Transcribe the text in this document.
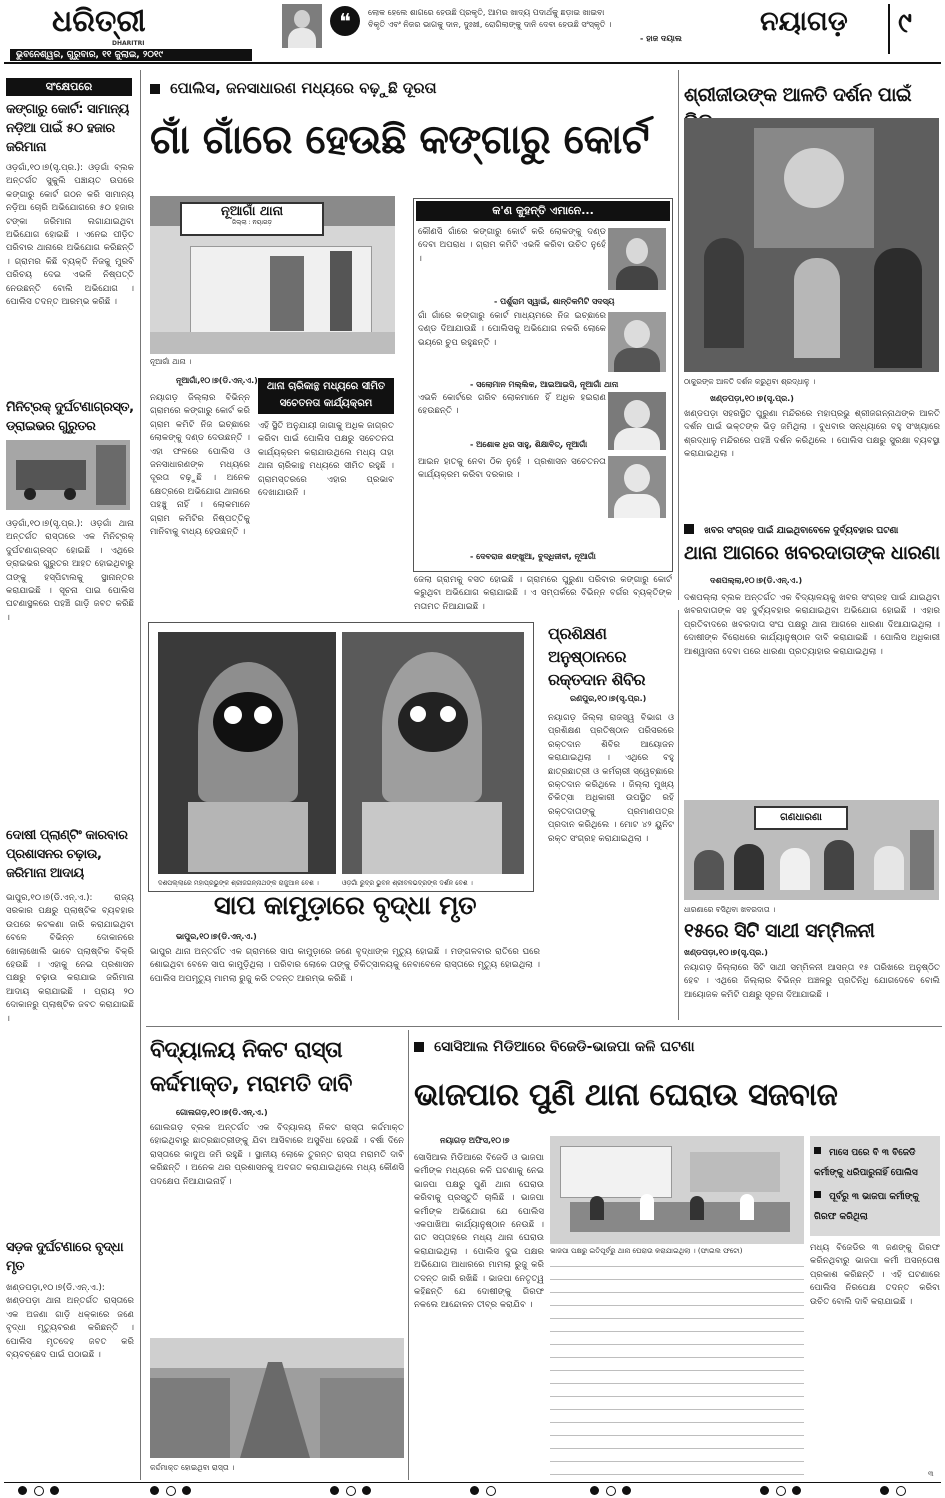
ଧରିତ୍ରୀ
DHARITRI
ଭୁବନେଶ୍ୱର, ଗୁରୁବାର, ୧୧ ଜୁଲାଇ, ୨୦୧୯
❝	ଲୋକ ହେଲେ ଶାଗରେ ହେଉଛି ପ୍ରକୃତି, ଆମର ଖାଦ୍ୟ ପଦାର୍ଥକୁ ଛଡ଼ାଇ ଖାଇବା
ବିକୃତି ଏବଂ ନିଜର ଭାଗକୁ ଦାନ, ଦୁଃଖୀ, ରୋଗିଲାଙ୍କୁ ଦାନି ଦେବା ହେଉଛି ସଂସ୍କୃତି ।
- ହାଜ ଦୟାଲ
ନୟାଗଡ଼ ୯
ସଂକ୍ଷେପରେ
କଙ୍ଗାରୁ କୋର୍ଟ: ସାମାନ୍ୟ ନଡ଼ିଆ ପାଇଁ ୫୦ ହଜାର ଜରିମାନା
ଓଡ଼ଗାଁ,୧୦।୭(ସୃ.ପ୍ର.): ଓଡ଼ଗାଁ ବ୍ଲକ ଅନ୍ତର୍ଗତ ସୁକୁଲି ପଞ୍ଚାୟତ ଉପରେ କଙ୍ଗାରୁ କୋର୍ଟ ଗଠନ କରି ସାମାନ୍ୟ ନଡ଼ିଆ ଚୋରି ଅଭିଯୋଗରେ ୫୦ ହଜାର ଟଙ୍କା ଜରିମାନା ଲଗାଯାଇଥିବା ଅଭିଯୋଗ ହୋଇଛି । ଏନେଇ ପୀଡ଼ିତ ପରିବାର ଥାନାରେ ଅଭିଯୋଗ କରିଛନ୍ତି । ଗ୍ରାମର କିଛି ବ୍ୟକ୍ତି ନିଜକୁ ମୁରବି ପରିଚୟ ଦେଇ ଏଭଳି ନିଷ୍ପତ୍ତି ନେଉଛନ୍ତି ବୋଲି ଅଭିଯୋଗ । ପୋଲିସ ତଦନ୍ତ ଆରମ୍ଭ କରିଛି ।
ମିନିଟ୍ରକ୍ ଦୁର୍ଘଟଣାଗ୍ରସ୍ତ, ଡ୍ରାଇଭର ଗୁରୁତର
ଓଡ଼ଗାଁ,୧୦।୭(ସୃ.ପ୍ର.): ଓଡ଼ଗାଁ ଥାନା ଅନ୍ତର୍ଗତ ରାସ୍ତାରେ ଏକ ମିନିଟ୍ରକ୍ ଦୁର୍ଘଟଣାଗ୍ରସ୍ତ ହୋଇଛି । ଏଥିରେ ଡ୍ରାଇଭର ଗୁରୁତର ଆହତ ହୋଇଥିବାରୁ ତାଙ୍କୁ ହସ୍ପିଟାଲକୁ ସ୍ଥାନାନ୍ତର କରାଯାଇଛି । ସୂଚନା ପାଇ ପୋଲିସ ଘଟଣାସ୍ଥଳରେ ପହଞ୍ଚି ଗାଡ଼ି ଜବତ କରିଛି ।
ଦୋଷୀ ପ୍ଲାଣ୍ଟିଂ କାରବାର ପ୍ରଶାସନର ଚଢ଼ାଉ, ଜରିମାନା ଆଦାୟ
ଭାପୁର,୧୦।୭(ଡି.ଏନ୍.ଏ.): ରାଜ୍ୟ ସରକାର ପକ୍ଷରୁ ପ୍ଲାଷ୍ଟିକ ବ୍ୟବହାର ଉପରେ କଟକଣା ଜାରି କରାଯାଇଥିବା ବେଳେ ବିଭିନ୍ନ ଦୋକାନରେ ଖୋଲାଖୋଲି ଭାବେ ପ୍ଲାଷ୍ଟିକ ବିକ୍ରି ହେଉଛି । ଏହାକୁ ନେଇ ପ୍ରଶାସନ ପକ୍ଷରୁ ଚଢ଼ାଉ କରାଯାଇ ଜରିମାନା ଆଦାୟ କରାଯାଇଛି । ପ୍ରାୟ ୨୦ ଦୋକାନରୁ ପ୍ଲାଷ୍ଟିକ ଜବତ କରାଯାଇଛି ।
ସଡ଼କ ଦୁର୍ଘଟଣାରେ ବୃଦ୍ଧା ମୃତ
ଖଣ୍ଡପଡ଼ା,୧୦।୭(ଡି.ଏନ୍.ଏ.): ଖଣ୍ଡପଡ଼ା ଥାନା ଅନ୍ତର୍ଗତ ରାସ୍ତାରେ ଏକ ଅଜଣା ଗାଡ଼ି ଧକ୍କାରେ ଜଣେ ବୃଦ୍ଧା ମୃତ୍ୟୁବରଣ କରିଛନ୍ତି । ପୋଲିସ ମୃତଦେହ ଜବତ କରି ବ୍ୟବଚ୍ଛେଦ ପାଇଁ ପଠାଇଛି ।
ପୋଲିସ, ଜନସାଧାରଣ ମଧ୍ୟରେ ବଢ଼ୁଛି ଦୂରତା
ଗାଁ ଗାଁରେ ହେଉଛି କଙ୍ଗାରୁ କୋର୍ଟ
ନୂଆଗାଁ ଥାନା
ଜିଲ୍ଲା : ନୟାଗଡ଼
ନୂଆଗାଁ ଥାନା ।
ନୂଆଗାଁ,୧୦।୭(ଡି.ଏନ୍.ଏ.)
କ'ଣ କୁହନ୍ତି ଏମାନେ...
କୌଣସି ଗାଁରେ କଙ୍ଗାରୁ କୋର୍ଟ କରି ଲୋକଙ୍କୁ ଦଣ୍ଡ ଦେବା ଅପରାଧ । ଗ୍ରାମ କମିଟି ଏଭଳି କରିବା ଉଚିତ ନୁହେଁ ।
- ପର୍ଶୁରାମ ସ୍ୱାଇଁ, ଶାନ୍ତିକମିଟି ସଦସ୍ୟ
ଗାଁ ଗାଁରେ କଙ୍ଗାରୁ କୋର୍ଟ ମାଧ୍ୟମରେ ନିଜ ଇଚ୍ଛାରେ ଦଣ୍ଡ ଦିଆଯାଉଛି । ପୋଲିସକୁ ଅଭିଯୋଗ ନକରି ଲୋକେ ଭୟରେ ଚୁପ ରହୁଛନ୍ତି ।
- ସଲୋମାନ ମଲ୍ଲିକ, ଆଇଆଇସି, ନୂଆଗାଁ ଥାନା
ଏଭଳି କୋର୍ଟରେ ଗରିବ ଲୋକମାନେ ହିଁ ଅଧିକ ହଇରାଣ ହେଉଛନ୍ତି ।
- ଅଶୋକ ଧିର ସାହୁ, ଶିକ୍ଷାବିତ୍, ନୂଆଗାଁ
ଆଇନ ହାତକୁ ନେବା ଠିକ ନୁହେଁ । ପ୍ରଶାସନ ସଚେତନତା କାର୍ଯ୍ୟକ୍ରମ କରିବା ଦରକାର ।
- ଦେବରାଜ ଶଙ୍ଖୁଆ, ବୁଦ୍ଧିଜୀବୀ, ନୂଆଗାଁ
ନୟାଗଡ଼ ଜିଲ୍ଲାର ବିଭିନ୍ନ ଗ୍ରାମରେ କଙ୍ଗାରୁ କୋର୍ଟ କରି ଗ୍ରାମ କମିଟି ନିଜ ଇଚ୍ଛାରେ ଲୋକଙ୍କୁ ଦଣ୍ଡ ଦେଉଛନ୍ତି । ଏହା ଫଳରେ ପୋଲିସ ଓ ଜନସାଧାରଣଙ୍କ ମଧ୍ୟରେ ଦୂରତା ବଢ଼ୁଛି । ଅନେକ କ୍ଷେତ୍ରରେ ଅଭିଯୋଗ ଥାନାରେ ପହଞ୍ଚୁ ନାହିଁ । ଲୋକମାନେ ଗ୍ରାମ କମିଟିର ନିଷ୍ପତ୍ତିକୁ ମାନିବାକୁ ବାଧ୍ୟ ହେଉଛନ୍ତି ।
ଥାନା ଚାରିକାନ୍ଥ ମଧ୍ୟରେ ସୀମିତ ସଚେତନତା କାର୍ଯ୍ୟକ୍ରମ
ଏହି ସ୍ଥିତି ଅନୁଯାୟୀ ଜାଗାକୁ ଅଧିକ ଜାଗ୍ରତ କରିବା ପାଇଁ ପୋଲିସ ପକ୍ଷରୁ ସଚେତନତା କାର୍ଯ୍ୟକ୍ରମ କରାଯାଉଥିଲେ ମଧ୍ୟ ତାହା ଥାନା ଚାରିକାନ୍ଥ ମଧ୍ୟରେ ସୀମିତ ରହୁଛି । ଗ୍ରାମସ୍ତରରେ ଏହାର ପ୍ରଭାବ ଦେଖାଯାଉନି ।
ଜେଲା ଗ୍ରାମକୁ ବସତ ହୋଇଛି । ଗ୍ରାମରେ ପୁରୁଣା ପରିବାର କଙ୍ଗାରୁ କୋର୍ଟ କରୁଥିବା ଅଭିଯୋଗ କରାଯାଇଛି । ଏ ସମ୍ପର୍କରେ ବିଭିନ୍ନ ବର୍ଗର ବ୍ୟକ୍ତିଙ୍କ ମତାମତ ନିଆଯାଇଛି ।
ଶ୍ରୀଜୀଉଙ୍କ ଆଳତି ଦର୍ଶନ ପାଇଁ
ଠାକୁରଙ୍କ ଆଳତି ଦର୍ଶନ କରୁଥିବା ଶ୍ରଦ୍ଧାଳୁ ।
ଖଣ୍ଡପଡ଼ା,୧୦।୭(ସୃ.ପ୍ର.)
ଖଣ୍ଡପଡ଼ା ସହରସ୍ଥିତ ପୁରୁଣା ମନ୍ଦିରରେ ମହାପ୍ରଭୁ ଶ୍ରୀଜଗନ୍ନାଥଙ୍କ ଆଳତି ଦର୍ଶନ ପାଇଁ ଭକ୍ତଙ୍କ ଭିଡ଼ ଜମିଥିଲା । ବୁଧବାର ସନ୍ଧ୍ୟାରେ ବହୁ ସଂଖ୍ୟାରେ ଶ୍ରଦ୍ଧାଳୁ ମନ୍ଦିରରେ ପହଞ୍ଚି ଦର୍ଶନ କରିଥିଲେ । ପୋଲିସ ପକ୍ଷରୁ ସୁରକ୍ଷା ବ୍ୟବସ୍ଥା କରାଯାଇଥିଲା ।
ଖବର ସଂଗ୍ରହ ପାଇଁ ଯାଇଥିବାବେଳେ ଦୁର୍ବ୍ୟବହାର ଘଟଣା
ଥାନା ଆଗରେ ଖବରଦାତାଙ୍କ ଧାରଣା
ଦଶପଲ୍ଲା,୧୦।୭(ଡି.ଏନ୍.ଏ.)
ଦଶପଲ୍ଲା ବ୍ଲକ ଅନ୍ତର୍ଗତ ଏକ ବିଦ୍ୟାଳୟକୁ ଖବର ସଂଗ୍ରହ ପାଇଁ ଯାଇଥିବା ଖବରଦାତାଙ୍କ ସହ ଦୁର୍ବ୍ୟବହାର କରାଯାଇଥିବା ଅଭିଯୋଗ ହୋଇଛି । ଏହାର ପ୍ରତିବାଦରେ ଖବରଦାତା ସଂଘ ପକ୍ଷରୁ ଥାନା ଆଗରେ ଧାରଣା ଦିଆଯାଇଥିଲା । ଦୋଷୀଙ୍କ ବିରୋଧରେ କାର୍ଯ୍ୟାନୁଷ୍ଠାନ ଦାବି କରାଯାଇଛି । ପୋଲିସ ଅଧିକାରୀ ଆଶ୍ୱାସନା ଦେବା ପରେ ଧାରଣା ପ୍ରତ୍ୟାହାର କରାଯାଇଥିଲା ।
ଗଣଧାରଣା
ଧାରଣାରେ ବସିଥିବା ଖବରଦାତା ।
୧୫ରେ ସିଟି ସାଥୀ ସମ୍ମିଳନୀ
ଖଣ୍ଡପଡ଼ା,୧୦।୭(ସୃ.ପ୍ର.)
ନୟାଗଡ଼ ଜିଲ୍ଲାରେ ସିଟି ସାଥୀ ସମ୍ମିଳନୀ ଆସନ୍ତା ୧୫ ତାରିଖରେ ଅନୁଷ୍ଠିତ ହେବ । ଏଥିରେ ଜିଲ୍ଲାର ବିଭିନ୍ନ ଅଞ୍ଚଳରୁ ପ୍ରତିନିଧି ଯୋଗଦେବେ ବୋଲି ଆୟୋଜକ କମିଟି ପକ୍ଷରୁ ସୂଚନା ଦିଆଯାଇଛି ।
ପ୍ରଶିକ୍ଷଣ ଅନୁଷ୍ଠାନରେ ରକ୍ତଦାନ ଶିବିର
ରଣପୁର,୧୦।୭(ସୃ.ପ୍ର.)
ନୟାଗଡ଼ ଜିଲ୍ଲା ରାଜସ୍ୱ ବିଭାଗ ଓ ପ୍ରଶିକ୍ଷଣ ପ୍ରତିଷ୍ଠାନ ପରିସରରେ ରକ୍ତଦାନ ଶିବିର ଆୟୋଜନ କରାଯାଇଥିଲା । ଏଥିରେ ବହୁ ଛାତ୍ରଛାତ୍ରୀ ଓ କର୍ମଚାରୀ ସ୍ୱେଚ୍ଛାରେ ରକ୍ତଦାନ କରିଥିଲେ । ଜିଲ୍ଲା ମୁଖ୍ୟ ଚିକିତ୍ସା ଅଧିକାରୀ ଉପସ୍ଥିତ ରହି ରକ୍ତଦାତାଙ୍କୁ ପ୍ରମାଣପତ୍ର ପ୍ରଦାନ କରିଥିଲେ । ମୋଟ ୪୨ ୟୁନିଟ ରକ୍ତ ସଂଗ୍ରହ କରାଯାଇଥିଲା ।
ଦଶପଲ୍ଲାରେ ମହାପ୍ରଭୁଙ୍କ ଶ୍ରୀଜଗନ୍ନାଥଙ୍କ ରାଜୁଆଳ ବେଶ ।	ଓଡ଼ଗାଁ ରୁଦ୍ର ଭୁବନ ଶ୍ରୀବଳଭଦ୍ରଙ୍କ ଦର୍ଶନ ବେଶ ।
ସାପ କାମୁଡ଼ାରେ ବୃଦ୍ଧା ମୃତ
ଭାପୁର,୧୦।୭(ଡି.ଏନ୍.ଏ.)
ଭାପୁର ଥାନା ଅନ୍ତର୍ଗତ ଏକ ଗ୍ରାମରେ ସାପ କାମୁଡ଼ାରେ ଜଣେ ବୃଦ୍ଧାଙ୍କ ମୃତ୍ୟୁ ହୋଇଛି । ମଙ୍ଗଳବାର ରାତିରେ ଘରେ ଶୋଇଥିବା ବେଳେ ସାପ କାମୁଡ଼ିଥିଲା । ପରିବାର ଲୋକେ ତାଙ୍କୁ ଚିକିତ୍ସାଳୟକୁ ନେବାବେଳେ ରାସ୍ତାରେ ମୃତ୍ୟୁ ହୋଇଥିଲା । ପୋଲିସ ଅପମୃତ୍ୟୁ ମାମଲା ରୁଜୁ କରି ତଦନ୍ତ ଆରମ୍ଭ କରିଛି ।
ବିଦ୍ୟାଳୟ ନିକଟ ରାସ୍ତା କର୍ଦ୍ଦମାକ୍ତ, ମରାମତି ଦାବି
ଗୋଲଗଡ଼,୧୦।୭(ଡି.ଏନ୍.ଏ.)
ଗୋଲଗଡ଼ ବ୍ଲକ ଅନ୍ତର୍ଗତ ଏକ ବିଦ୍ୟାଳୟ ନିକଟ ରାସ୍ତା କର୍ଦ୍ଦମାକ୍ତ ହୋଇଥିବାରୁ ଛାତ୍ରଛାତ୍ରୀଙ୍କୁ ଯିବା ଆସିବାରେ ଅସୁବିଧା ହେଉଛି । ବର୍ଷା ଦିନେ ରାସ୍ତାରେ କାଦୁଅ ଜମି ରହୁଛି । ସ୍ଥାନୀୟ ଲୋକେ ତୁରନ୍ତ ରାସ୍ତା ମରାମତି ଦାବି କରିଛନ୍ତି । ଅନେକ ଥର ପ୍ରଶାସନକୁ ଅବଗତ କରାଯାଇଥିଲେ ମଧ୍ୟ କୌଣସି ପଦକ୍ଷେପ ନିଆଯାଇନାହିଁ ।
କର୍ଦ୍ଦମାକ୍ତ ହୋଇଥିବା ରାସ୍ତା ।
ସୋସିଆଲ ମିଡିଆରେ ବିଜେଡି-ଭାଜପା କଳି ଘଟଣା
ଭାଜପାର ପୁଣି ଥାନା ଘେରାଉ ସଜବାଜ
ନୟାଗଡ଼ ଅଫିସ,୧୦।୭
ସୋସିଆଲ ମିଡିଆରେ ବିଜେଡି ଓ ଭାଜପା କର୍ମୀଙ୍କ ମଧ୍ୟରେ କଳି ଘଟଣାକୁ ନେଇ ଭାଜପା ପକ୍ଷରୁ ପୁଣି ଥାନା ଘେରାଉ କରିବାକୁ ପ୍ରସ୍ତୁତି ଚାଲିଛି । ଭାଜପା କର୍ମୀଙ୍କ ଅଭିଯୋଗ ଯେ ପୋଲିସ ଏକପାଖିଆ କାର୍ଯ୍ୟାନୁଷ୍ଠାନ ନେଉଛି । ଗତ ସପ୍ତାହରେ ମଧ୍ୟ ଥାନା ଘେରାଉ କରାଯାଇଥିଲା । ପୋଲିସ ଦୁଇ ପକ୍ଷର ଅଭିଯୋଗ ଆଧାରରେ ମାମଲା ରୁଜୁ କରି ତଦନ୍ତ ଜାରି ରଖିଛି । ଭାଜପା ନେତୃତ୍ୱ କହିଛନ୍ତି ଯେ ଦୋଷୀଙ୍କୁ ଗିରଫ ନକଲେ ଆନ୍ଦୋଳନ ତୀବ୍ର କରାଯିବ ।
ଭାଜପା ପକ୍ଷରୁ ଇତିପୂର୍ବରୁ ଥାନା ଘେରାଉ କରାଯାଇଥିଲା । (ଫାଇଲ ଫଟୋ)
ମାସେ ପରେ ବି ୩ ବିଜେଡି କର୍ମୀଙ୍କୁ ଧରିପାରୁନାହିଁ ପୋଲିସ
ପୂର୍ବରୁ ୩ ଭାଜପା କର୍ମୀଙ୍କୁ ଗିରଫ କରିଥିଲା
ମଧ୍ୟ ବିଜେଡିର ୩ ଜଣଙ୍କୁ ଗିରଫ କରିନଥିବାରୁ ଭାଜପା କର୍ମୀ ଅସନ୍ତୋଷ ପ୍ରକାଶ କରିଛନ୍ତି । ଏହି ଘଟଣାରେ ପୋଲିସ ନିରପେକ୍ଷ ତଦନ୍ତ କରିବା ଉଚିତ ବୋଲି ଦାବି କରାଯାଇଛି ।
୩
